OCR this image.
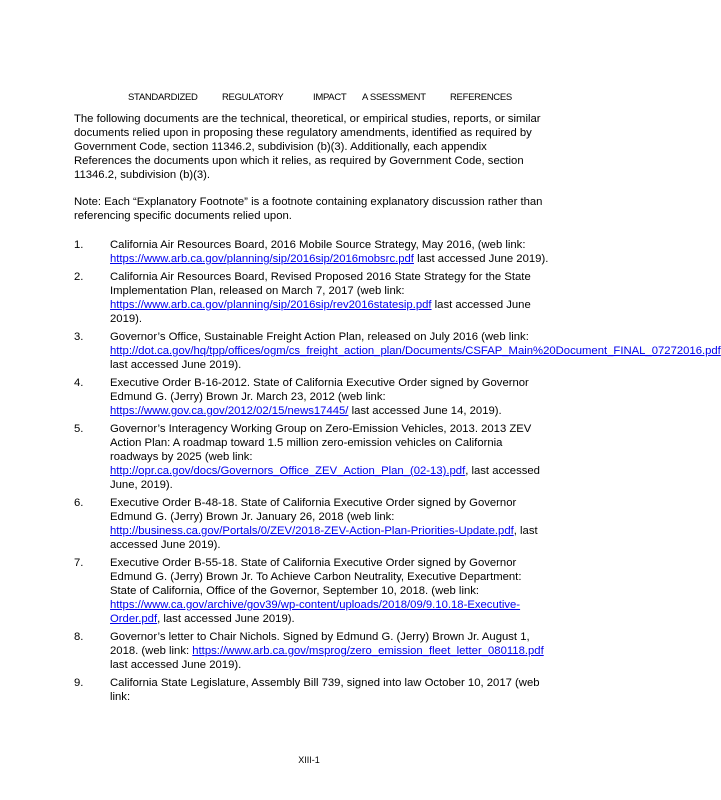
STANDARDIZED	REGULATORY	IMPACT A SSESSMENT	REFERENCES

The following documents are the technical, theoretical, or empirical studies, reports, or similar documents relied upon in proposing these regulatory amendments, identified as required by Government Code, section 11346.2, subdivision (b)(3). Additionally, each appendix References the documents upon which it relies, as required by Government Code, section 11346.2, subdivision (b)(3).

Note: Each “Explanatory Footnote” is a footnote containing explanatory discussion rather than referencing specific documents relied upon.

1. California Air Resources Board, 2016 Mobile Source Strategy, May 2016, (web link: https://www.arb.ca.gov/planning/sip/2016sip/2016mobsrc.pdf last accessed June 2019).
2. California Air Resources Board, Revised Proposed 2016 State Strategy for the State Implementation Plan, released on March 7, 2017 (web link: https://www.arb.ca.gov/planning/sip/2016sip/rev2016statesip.pdf last accessed June 2019).
3. Governor’s Office, Sustainable Freight Action Plan, released on July 2016 (web link: http://dot.ca.gov/hq/tpp/offices/ogm/cs_freight_action_plan/Documents/CSFAP_Main%20Document_FINAL_07272016.pdf last accessed June 2019).
4. Executive Order B-16-2012. State of California Executive Order signed by Governor Edmund G. (Jerry) Brown Jr. March 23, 2012 (web link: https://www.gov.ca.gov/2012/02/15/news17445/ last accessed June 14, 2019).
5. Governor’s Interagency Working Group on Zero-Emission Vehicles, 2013. 2013 ZEV Action Plan: A roadmap toward 1.5 million zero-emission vehicles on California roadways by 2025 (web link: http://opr.ca.gov/docs/Governors_Office_ZEV_Action_Plan_(02-13).pdf, last accessed June, 2019).
6. Executive Order B-48-18. State of California Executive Order signed by Governor Edmund G. (Jerry) Brown Jr. January 26, 2018 (web link: http://business.ca.gov/Portals/0/ZEV/2018-ZEV-Action-Plan-Priorities-Update.pdf, last accessed June 2019).
7. Executive Order B-55-18. State of California Executive Order signed by Governor Edmund G. (Jerry) Brown Jr. To Achieve Carbon Neutrality, Executive Department: State of California, Office of the Governor, September 10, 2018. (web link: https://www.ca.gov/archive/gov39/wp-content/uploads/2018/09/9.10.18-Executive-Order.pdf, last accessed June 2019).
8. Governor’s letter to Chair Nichols. Signed by Edmund G. (Jerry) Brown Jr. August 1, 2018. (web link: https://www.arb.ca.gov/msprog/zero_emission_fleet_letter_080118.pdf last accessed June 2019).
9. California State Legislature, Assembly Bill 739, signed into law October 10, 2017 (web link:
XIII-1
